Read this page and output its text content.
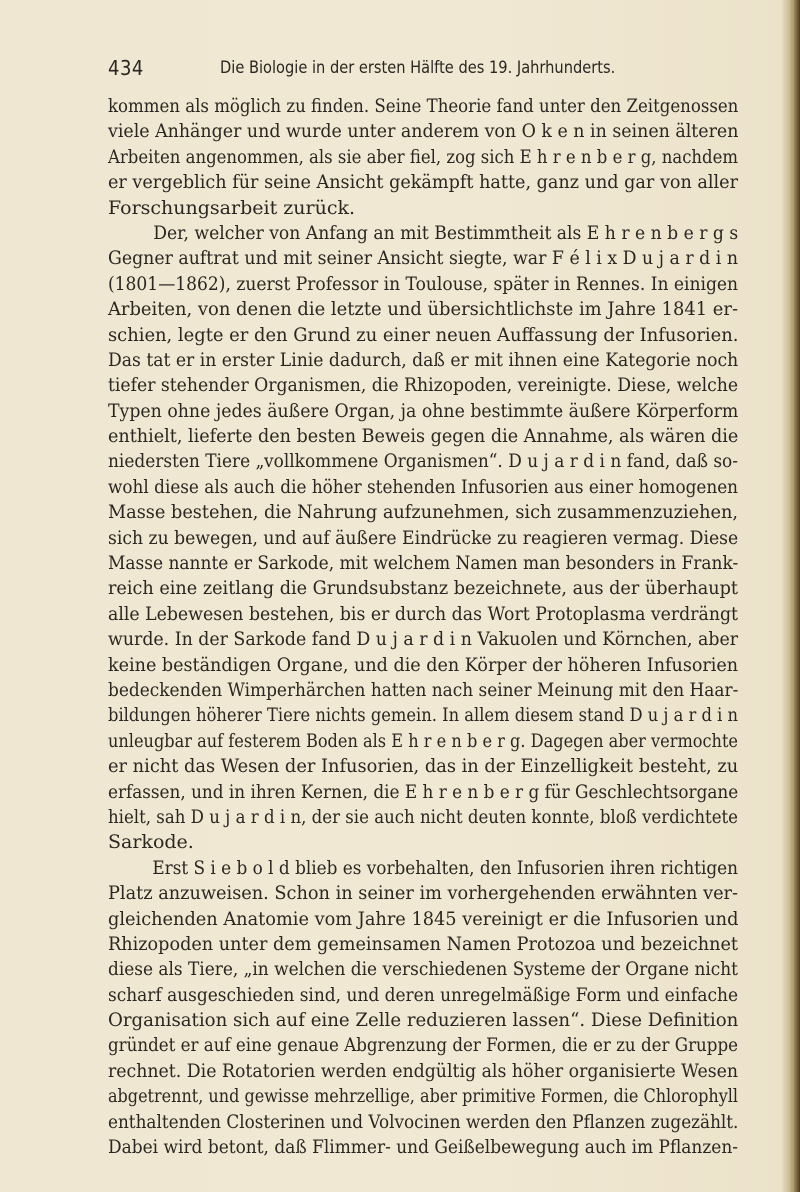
434	Die Biologie in der ersten Hälfte des 19. Jahrhunderts.
kommen als möglich zu finden. Seine Theorie fand unter den Zeitgenossen
viele Anhänger und wurde unter anderem von O k e n in seinen älteren
Arbeiten angenommen, als sie aber fiel, zog sich E h r e n b e r g, nachdem
er vergeblich für seine Ansicht gekämpft hatte, ganz und gar von aller
Forschungsarbeit zurück.
Der, welcher von Anfang an mit Bestimmtheit als E h r e n b e r g s
Gegner auftrat und mit seiner Ansicht siegte, war F é l i x D u j a r d i n
(1801—1862), zuerst Professor in Toulouse, später in Rennes. In einigen
Arbeiten, von denen die letzte und übersichtlichste im Jahre 1841 er-
schien, legte er den Grund zu einer neuen Auffassung der Infusorien.
Das tat er in erster Linie dadurch, daß er mit ihnen eine Kategorie noch
tiefer stehender Organismen, die Rhizopoden, vereinigte. Diese, welche
Typen ohne jedes äußere Organ, ja ohne bestimmte äußere Körperform
enthielt, lieferte den besten Beweis gegen die Annahme, als wären die
niedersten Tiere „vollkommene Organismen“. D u j a r d i n fand, daß so-
wohl diese als auch die höher stehenden Infusorien aus einer homogenen
Masse bestehen, die Nahrung aufzunehmen, sich zusammenzuziehen,
sich zu bewegen, und auf äußere Eindrücke zu reagieren vermag. Diese
Masse nannte er Sarkode, mit welchem Namen man besonders in Frank-
reich eine zeitlang die Grundsubstanz bezeichnete, aus der überhaupt
alle Lebewesen bestehen, bis er durch das Wort Protoplasma verdrängt
wurde. In der Sarkode fand D u j a r d i n Vakuolen und Körnchen, aber
keine beständigen Organe, und die den Körper der höheren Infusorien
bedeckenden Wimperhärchen hatten nach seiner Meinung mit den Haar-
bildungen höherer Tiere nichts gemein. In allem diesem stand D u j a r d i n
unleugbar auf festerem Boden als E h r e n b e r g. Dagegen aber vermochte
er nicht das Wesen der Infusorien, das in der Einzelligkeit besteht, zu
erfassen, und in ihren Kernen, die E h r e n b e r g für Geschlechtsorgane
hielt, sah D u j a r d i n, der sie auch nicht deuten konnte, bloß verdichtete
Sarkode.
Erst S i e b o l d blieb es vorbehalten, den Infusorien ihren richtigen
Platz anzuweisen. Schon in seiner im vorhergehenden erwähnten ver-
gleichenden Anatomie vom Jahre 1845 vereinigt er die Infusorien und
Rhizopoden unter dem gemeinsamen Namen Protozoa und bezeichnet
diese als Tiere, „in welchen die verschiedenen Systeme der Organe nicht
scharf ausgeschieden sind, und deren unregelmäßige Form und einfache
Organisation sich auf eine Zelle reduzieren lassen“. Diese Definition
gründet er auf eine genaue Abgrenzung der Formen, die er zu der Gruppe
rechnet. Die Rotatorien werden endgültig als höher organisierte Wesen
abgetrennt, und gewisse mehrzellige, aber primitive Formen, die Chlorophyll
enthaltenden Closterinen und Volvocinen werden den Pflanzen zugezählt.
Dabei wird betont, daß Flimmer- und Geißelbewegung auch im Pflanzen-
